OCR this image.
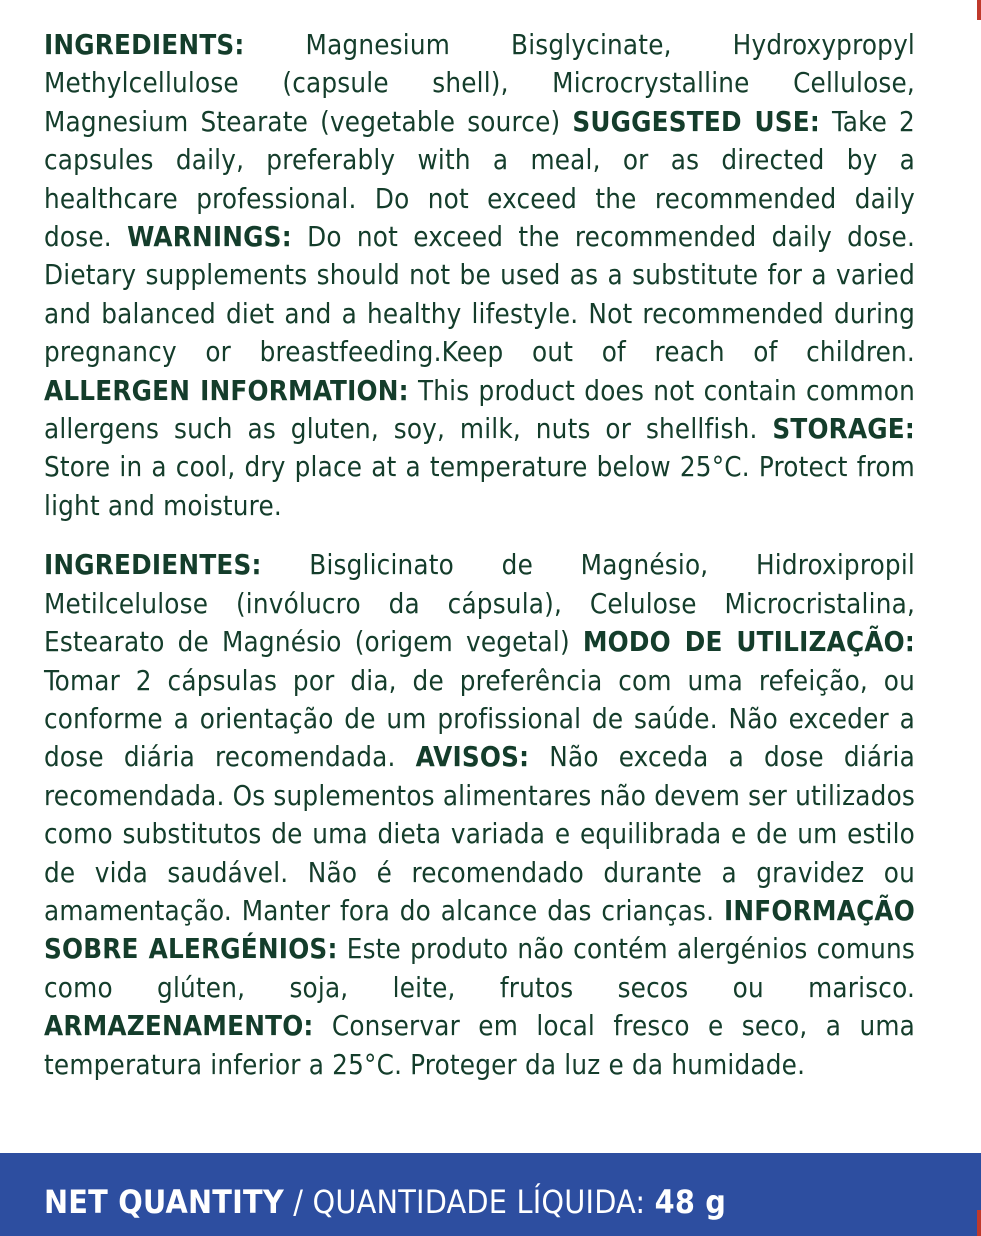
INGREDIENTS: Magnesium Bisglycinate, Hydroxypropyl Methylcellulose (capsule shell), Microcrystalline Cellulose, Magnesium Stearate (vegetable source) SUGGESTED USE: Take 2 capsules daily, preferably with a meal, or as directed by a healthcare professional. Do not exceed the recommended daily dose. WARNINGS: Do not exceed the recommended daily dose. Dietary supplements should not be used as a substitute for a varied and balanced diet and a healthy lifestyle. Not recommended during pregnancy or breastfeeding.Keep out of reach of children. ALLERGEN INFORMATION: This product does not contain common allergens such as gluten, soy, milk, nuts or shellfish. STORAGE: Store in a cool, dry place at a temperature below 25°C. Protect from light and moisture.

INGREDIENTES: Bisglicinato de Magnésio, Hidroxipropil Metilcelulose (invólucro da cápsula), Celulose Microcristalina, Estearato de Magnésio (origem vegetal) MODO DE UTILIZAÇÃO: Tomar 2 cápsulas por dia, de preferência com uma refeição, ou conforme a orientação de um profissional de saúde. Não exceder a dose diária recomendada. AVISOS: Não exceda a dose diária recomendada. Os suplementos alimentares não devem ser utilizados como substitutos de uma dieta variada e equilibrada e de um estilo de vida saudável. Não é recomendado durante a gravidez ou amamentação. Manter fora do alcance das crianças. INFORMAÇÃO SOBRE ALERGÉNIOS: Este produto não contém alergénios comuns como glúten, soja, leite, frutos secos ou marisco. ARMAZENAMENTO: Conservar em local fresco e seco, a uma temperatura inferior a 25°C. Proteger da luz e da humidade.

NET QUANTITY / QUANTIDADE LÍQUIDA: 48 g
